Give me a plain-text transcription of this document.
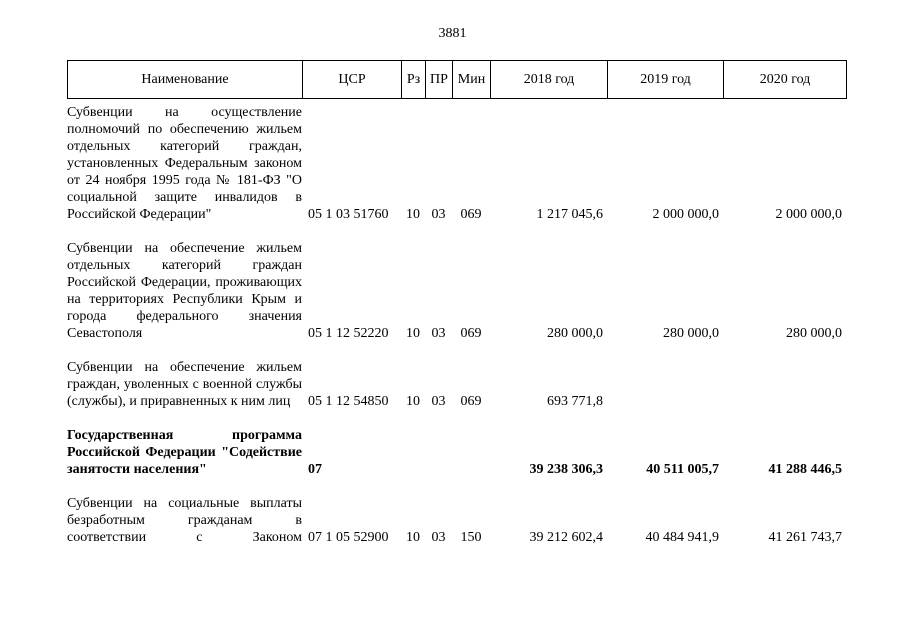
3881
Наименование	ЦСР	Рз	ПР	Мин	2018 год	2019 год	2020 год
Субвенции на осуществление полномочий по обеспечению жильем отдельных категорий граждан, установленных Федеральным законом от 24 ноября 1995 года № 181-ФЗ "О социальной защите инвалидов в Российской Федерации"	05 1 03 51760	10	03	069	1 217 045,6	2 000 000,0	2 000 000,0

Субвенции на обеспечение жильем отдельных категорий граждан Российской Федерации, проживающих на территориях Республики Крым и города федерального значения Севастополя	05 1 12 52220	10	03	069	280 000,0	280 000,0	280 000,0

Субвенции на обеспечение жильем граждан, уволенных с военной службы (службы), и приравненных к ним лиц	05 1 12 54850	10	03	069	693 771,8		

Государственная программа Российской Федерации "Содействие занятости населения"	07				39 238 306,3	40 511 005,7	41 288 446,5

Субвенции на социальные выплаты безработным гражданам в соответствии с Законом	07 1 05 52900	10	03	150	39 212 602,4	40 484 941,9	41 261 743,7
